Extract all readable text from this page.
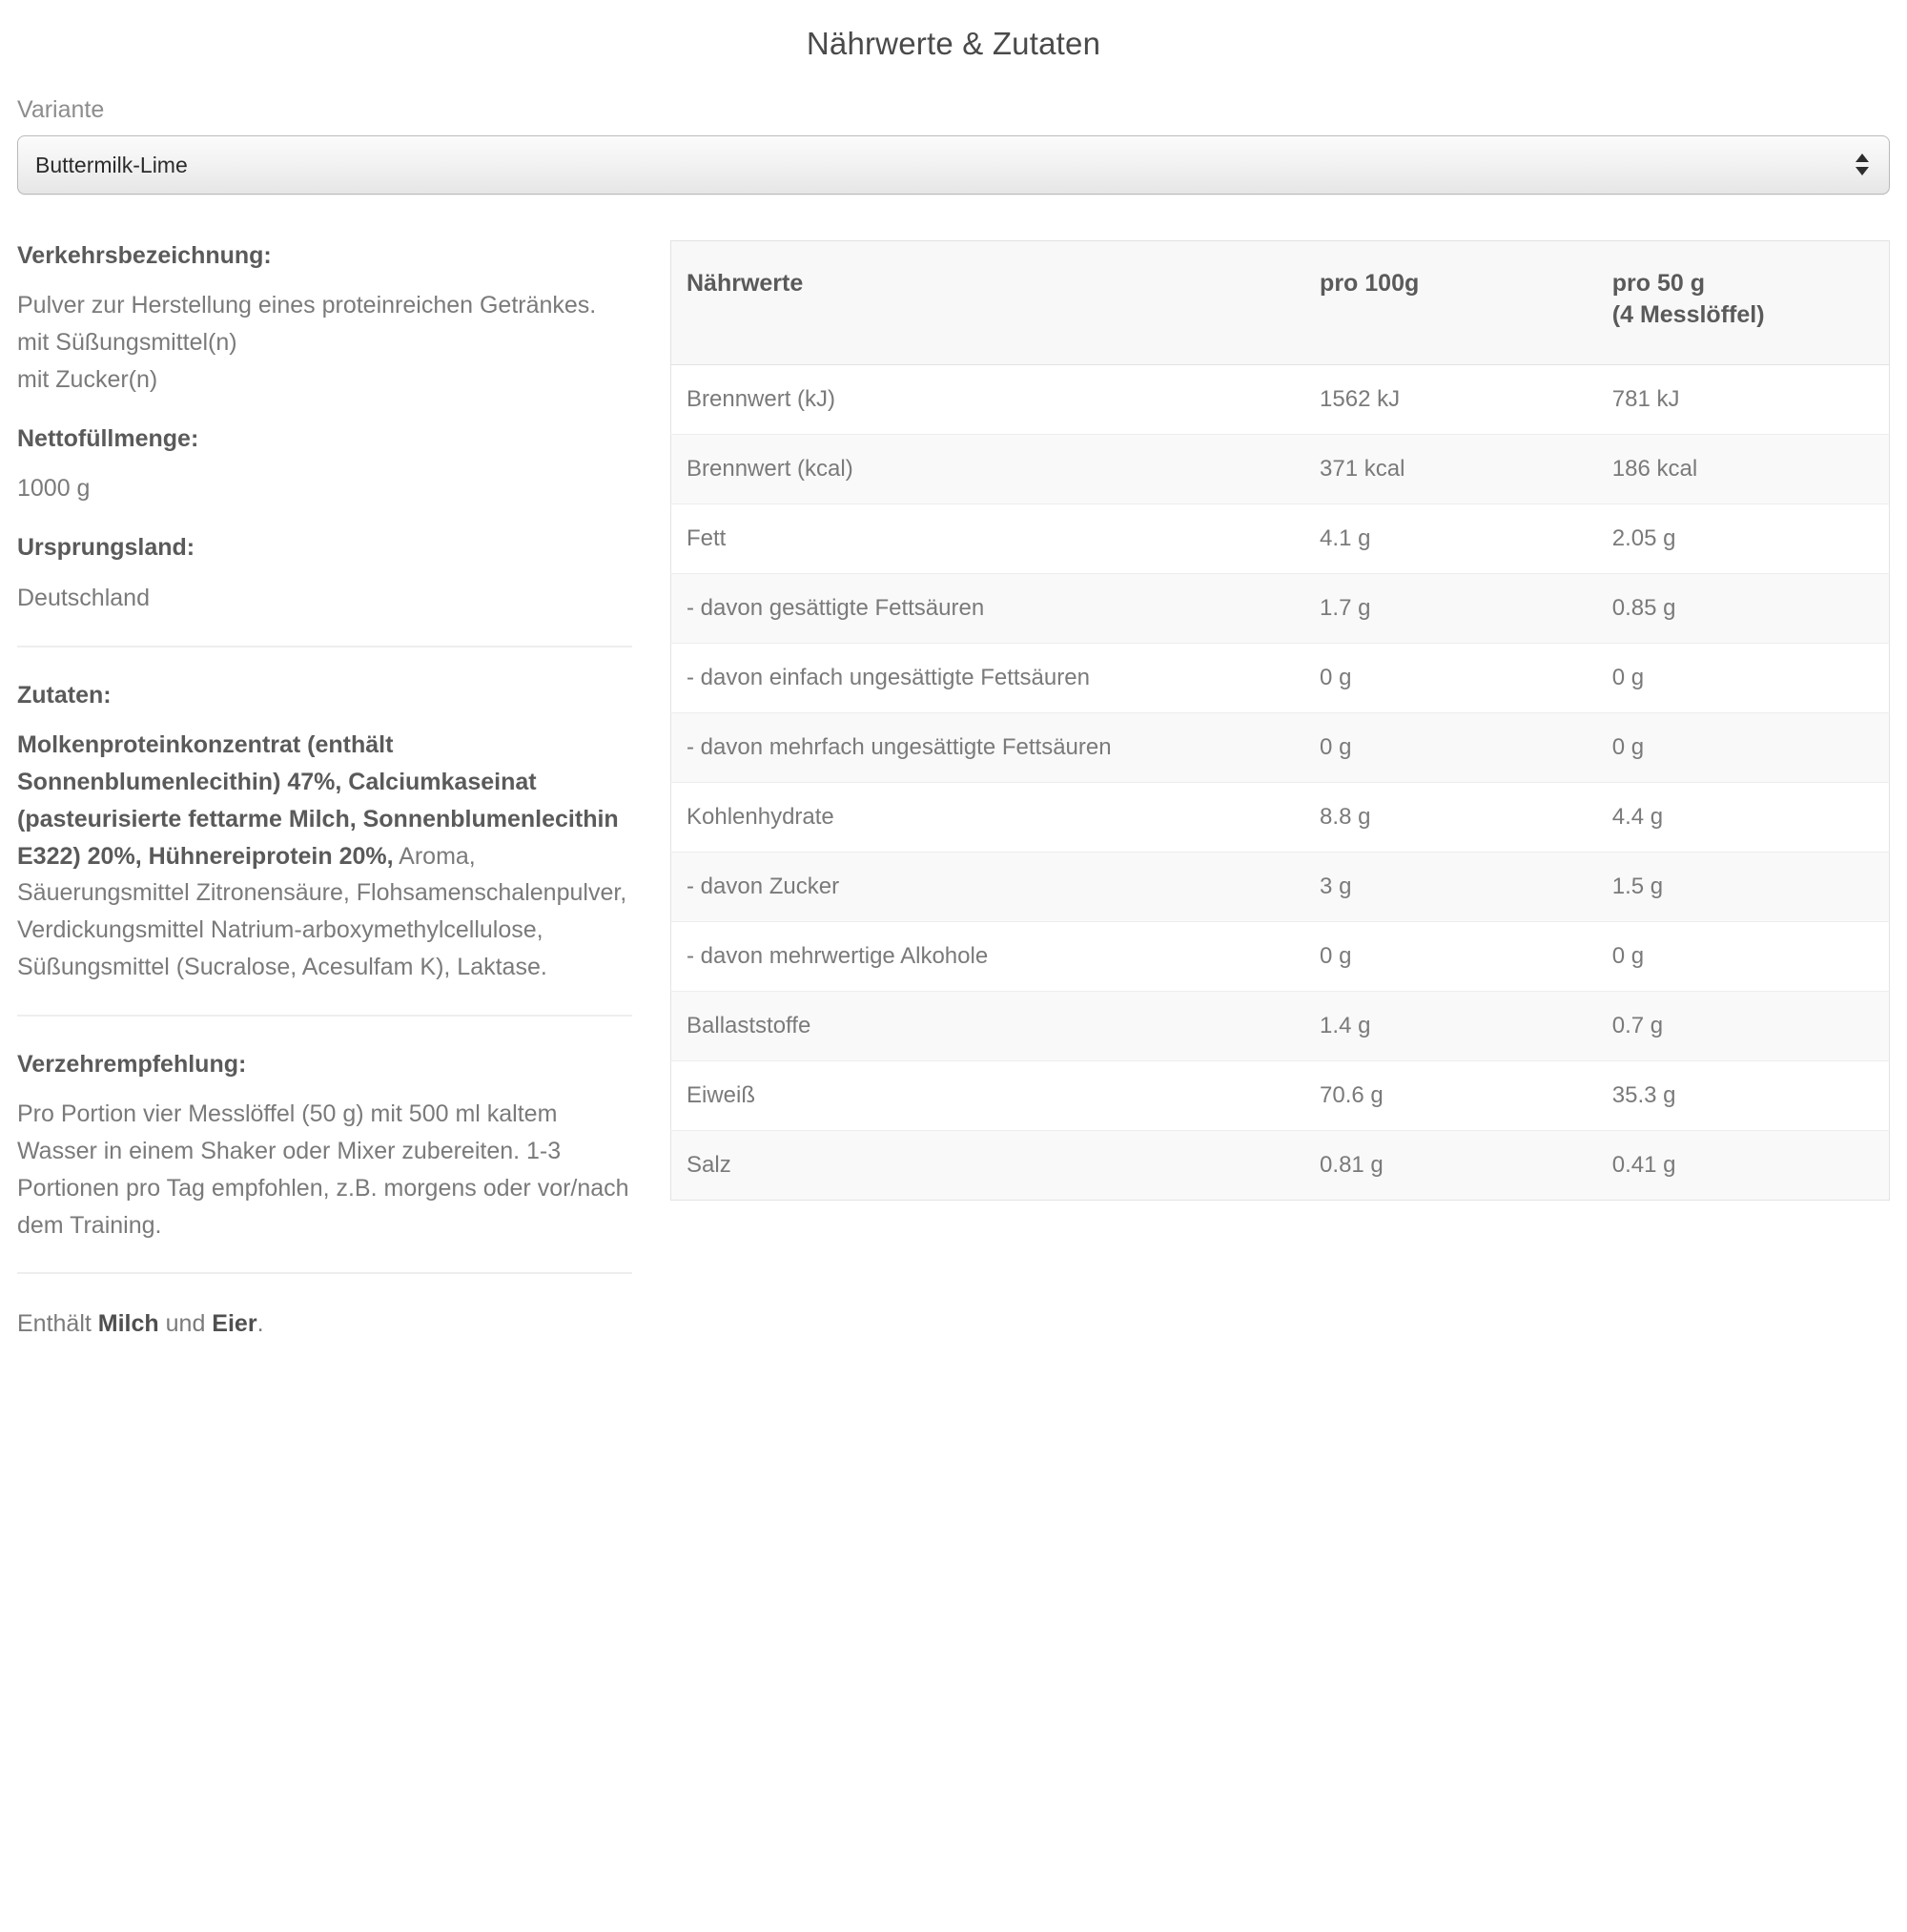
Nährwerte & Zutaten
Variante
Buttermilk-Lime
Verkehrsbezeichnung:

Pulver zur Herstellung eines proteinreichen Getränkes.

mit Süßungsmittel(n)

mit Zucker(n)

Nettofüllmenge:
1000 g
Ursprungsland:
Deutschland
Zutaten:
Molkenproteinkonzentrat (enthält Sonnenblumenlecithin) 47%, Calciumkaseinat (pasteurisierte fettarme Milch, Sonnenblumenlecithin E322) 20%, Hühnereiprotein 20%, Aroma, Säuerungsmittel Zitronensäure, Flohsamenschalenpulver, Verdickungsmittel Natrium-arboxymethylcellulose, Süßungsmittel (Sucralose, Acesulfam K), Laktase.
Verzehrempfehlung:
Pro Portion vier Messlöffel (50 g) mit 500 ml kaltem Wasser in einem Shaker oder Mixer zubereiten. 1-3 Portionen pro Tag empfohlen, z.B. morgens oder vor/nach dem Training.
Enthält Milch und Eier.
Nährwerte	pro 100g	pro 50 g
(4 Messlöffel)

Brennwert (kJ)	1562 kJ	781 kJ
Brennwert (kcal)	371 kcal	186 kcal
Fett	4.1 g	2.05 g
- davon gesättigte Fettsäuren	1.7 g	0.85 g
- davon einfach ungesättigte Fettsäuren	0 g	0 g
- davon mehrfach ungesättigte Fettsäuren	0 g	0 g
Kohlenhydrate	8.8 g	4.4 g
- davon Zucker	3 g	1.5 g
- davon mehrwertige Alkohole	0 g	0 g
Ballaststoffe	1.4 g	0.7 g
Eiweiß	70.6 g	35.3 g
Salz	0.81 g	0.41 g
